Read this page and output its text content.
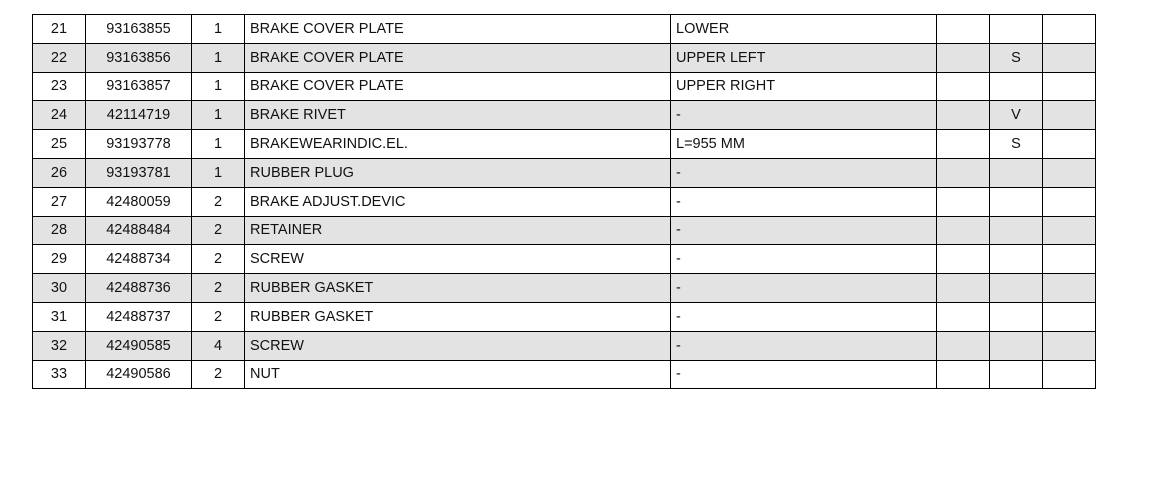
21	93163855	1	BRAKE COVER PLATE	LOWER			
22	93163856	1	BRAKE COVER PLATE	UPPER LEFT		S	
23	93163857	1	BRAKE COVER PLATE	UPPER RIGHT			
24	42114719	1	BRAKE RIVET	-		V	
25	93193778	1	BRAKEWEARINDIC.EL.	L=955 MM		S	
26	93193781	1	RUBBER PLUG	-			
27	42480059	2	BRAKE ADJUST.DEVIC	-			
28	42488484	2	RETAINER	-			
29	42488734	2	SCREW	-			
30	42488736	2	RUBBER GASKET	-			
31	42488737	2	RUBBER GASKET	-			
32	42490585	4	SCREW	-			
33	42490586	2	NUT	-			
